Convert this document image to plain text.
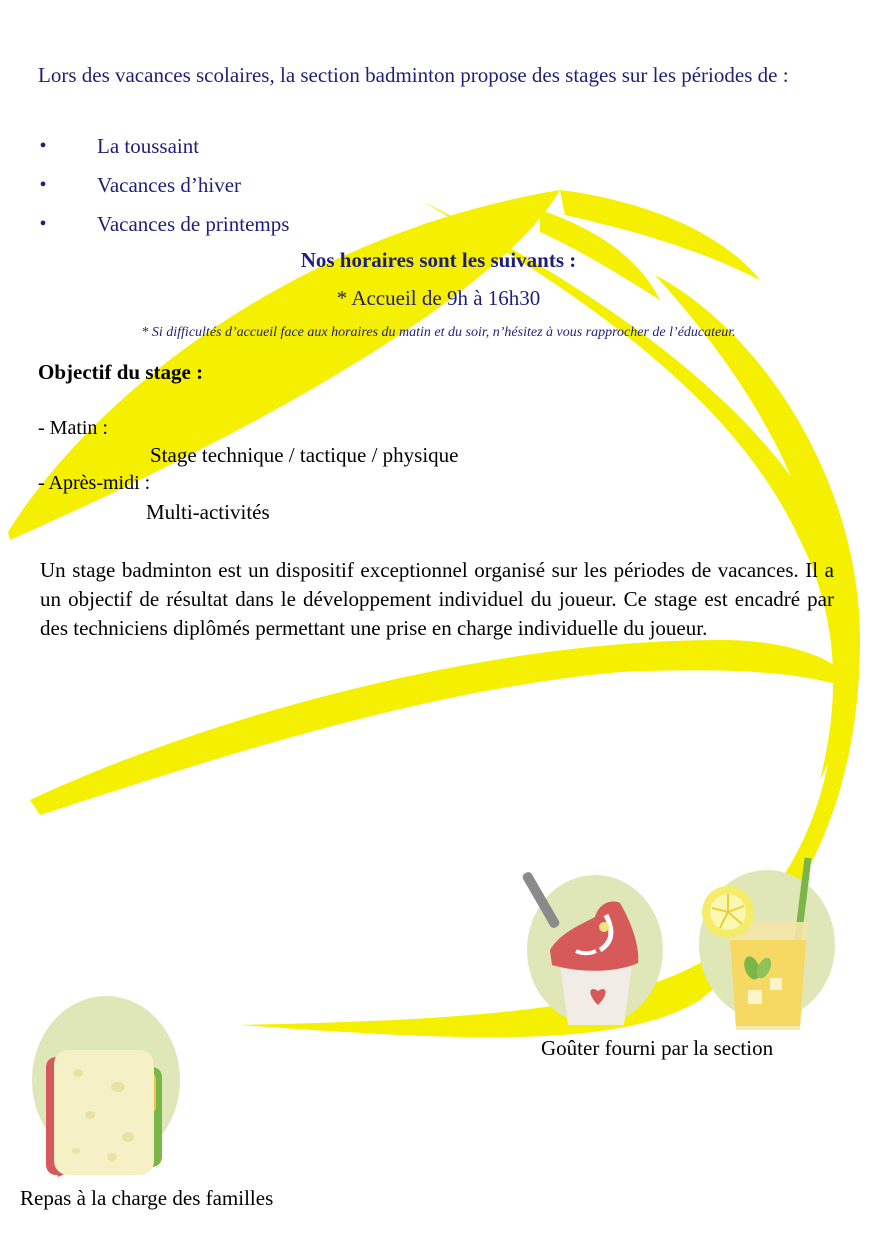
Lors des vacances scolaires, la section badminton propose des stages sur les périodes de :
• La toussaint
• Vacances d’hiver
• Vacances de printemps
Nos horaires sont les suivants :
* Accueil de 9h à 16h30
* Si difficultés d’accueil face aux horaires du matin et du soir, n’hésitez à vous rapprocher de l’éducateur.
Objectif du stage :
- Matin :
Stage technique / tactique / physique
- Après-midi :
Multi-activités
Un stage badminton est un dispositif exceptionnel organisé sur les périodes de vacances. Il a un objectif de résultat dans le développement individuel du joueur. Ce stage est encadré par des techniciens diplômés permettant une prise en charge individuelle du joueur.
Goûter fourni par la section
Repas à la charge des familles
